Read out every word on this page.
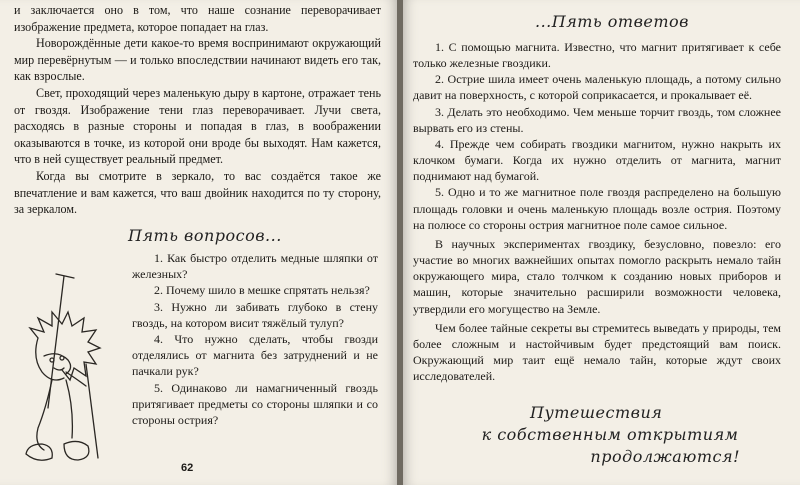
и заключается оно в том, что наше сознание переворачивает изображение предмета, которое попадает на глаз.

Новорождённые дети какое-то время воспринимают окружающий мир перевёрнутым — и только впоследствии начинают видеть его так, как взрослые.

Свет, проходящий через маленькую дыру в картоне, отражает тень от гвоздя. Изображение тени глаз переворачивает. Лучи света, расходясь в разные стороны и попадая в глаз, в воображении оказываются в точке, из которой они вроде бы выходят. Нам кажется, что в ней существует реальный предмет.

Когда вы смотрите в зеркало, то вас создаётся такое же впечатление и вам кажется, что ваш двойник находится по ту сторону, за зеркалом.

Пять вопросов...

1. Как быстро отделить медные шляпки от железных?

2. Почему шило в мешке спрятать нельзя?

3. Нужно ли забивать глубоко в стену гвоздь, на котором висит тяжёлый тулуп?

4. Что нужно сделать, чтобы гвозди отделялись от магнита без затруднений и не пачкали рук?

5. Одинаково ли намагниченный гвоздь притягивает предметы со стороны шляпки и со стороны острия?

62
...Пять ответов

1. С помощью магнита. Известно, что магнит притягивает к себе только железные гвоздики.

2. Острие шила имеет очень маленькую площадь, а потому сильно давит на поверхность, с которой соприкасается, и прокалывает её.

3. Делать это необходимо. Чем меньше торчит гвоздь, том сложнее вырвать его из стены.

4. Прежде чем собирать гвоздики магнитом, нужно накрыть их клочком бумаги. Когда их нужно отделить от магнита, магнит поднимают над бумагой.

5. Одно и то же магнитное поле гвоздя распределено на большую площадь головки и очень маленькую площадь возле острия. Поэтому на полюсе со стороны острия магнитное поле самое сильное.

В научных экспериментах гвоздику, безусловно, повезло: его участие во многих важнейших опытах помогло раскрыть немало тайн окружающего мира, стало толчком к созданию новых приборов и машин, которые значительно расширили возможности человека, утвердили его могущество на Земле.

Чем более тайные секреты вы стремитесь выведать у природы, тем более сложным и настойчивым будет предстоящий вам поиск. Окружающий мир таит ещё немало тайн, которые ждут своих исследователей.

Путешествия
к собственным открытиям
продолжаются!
